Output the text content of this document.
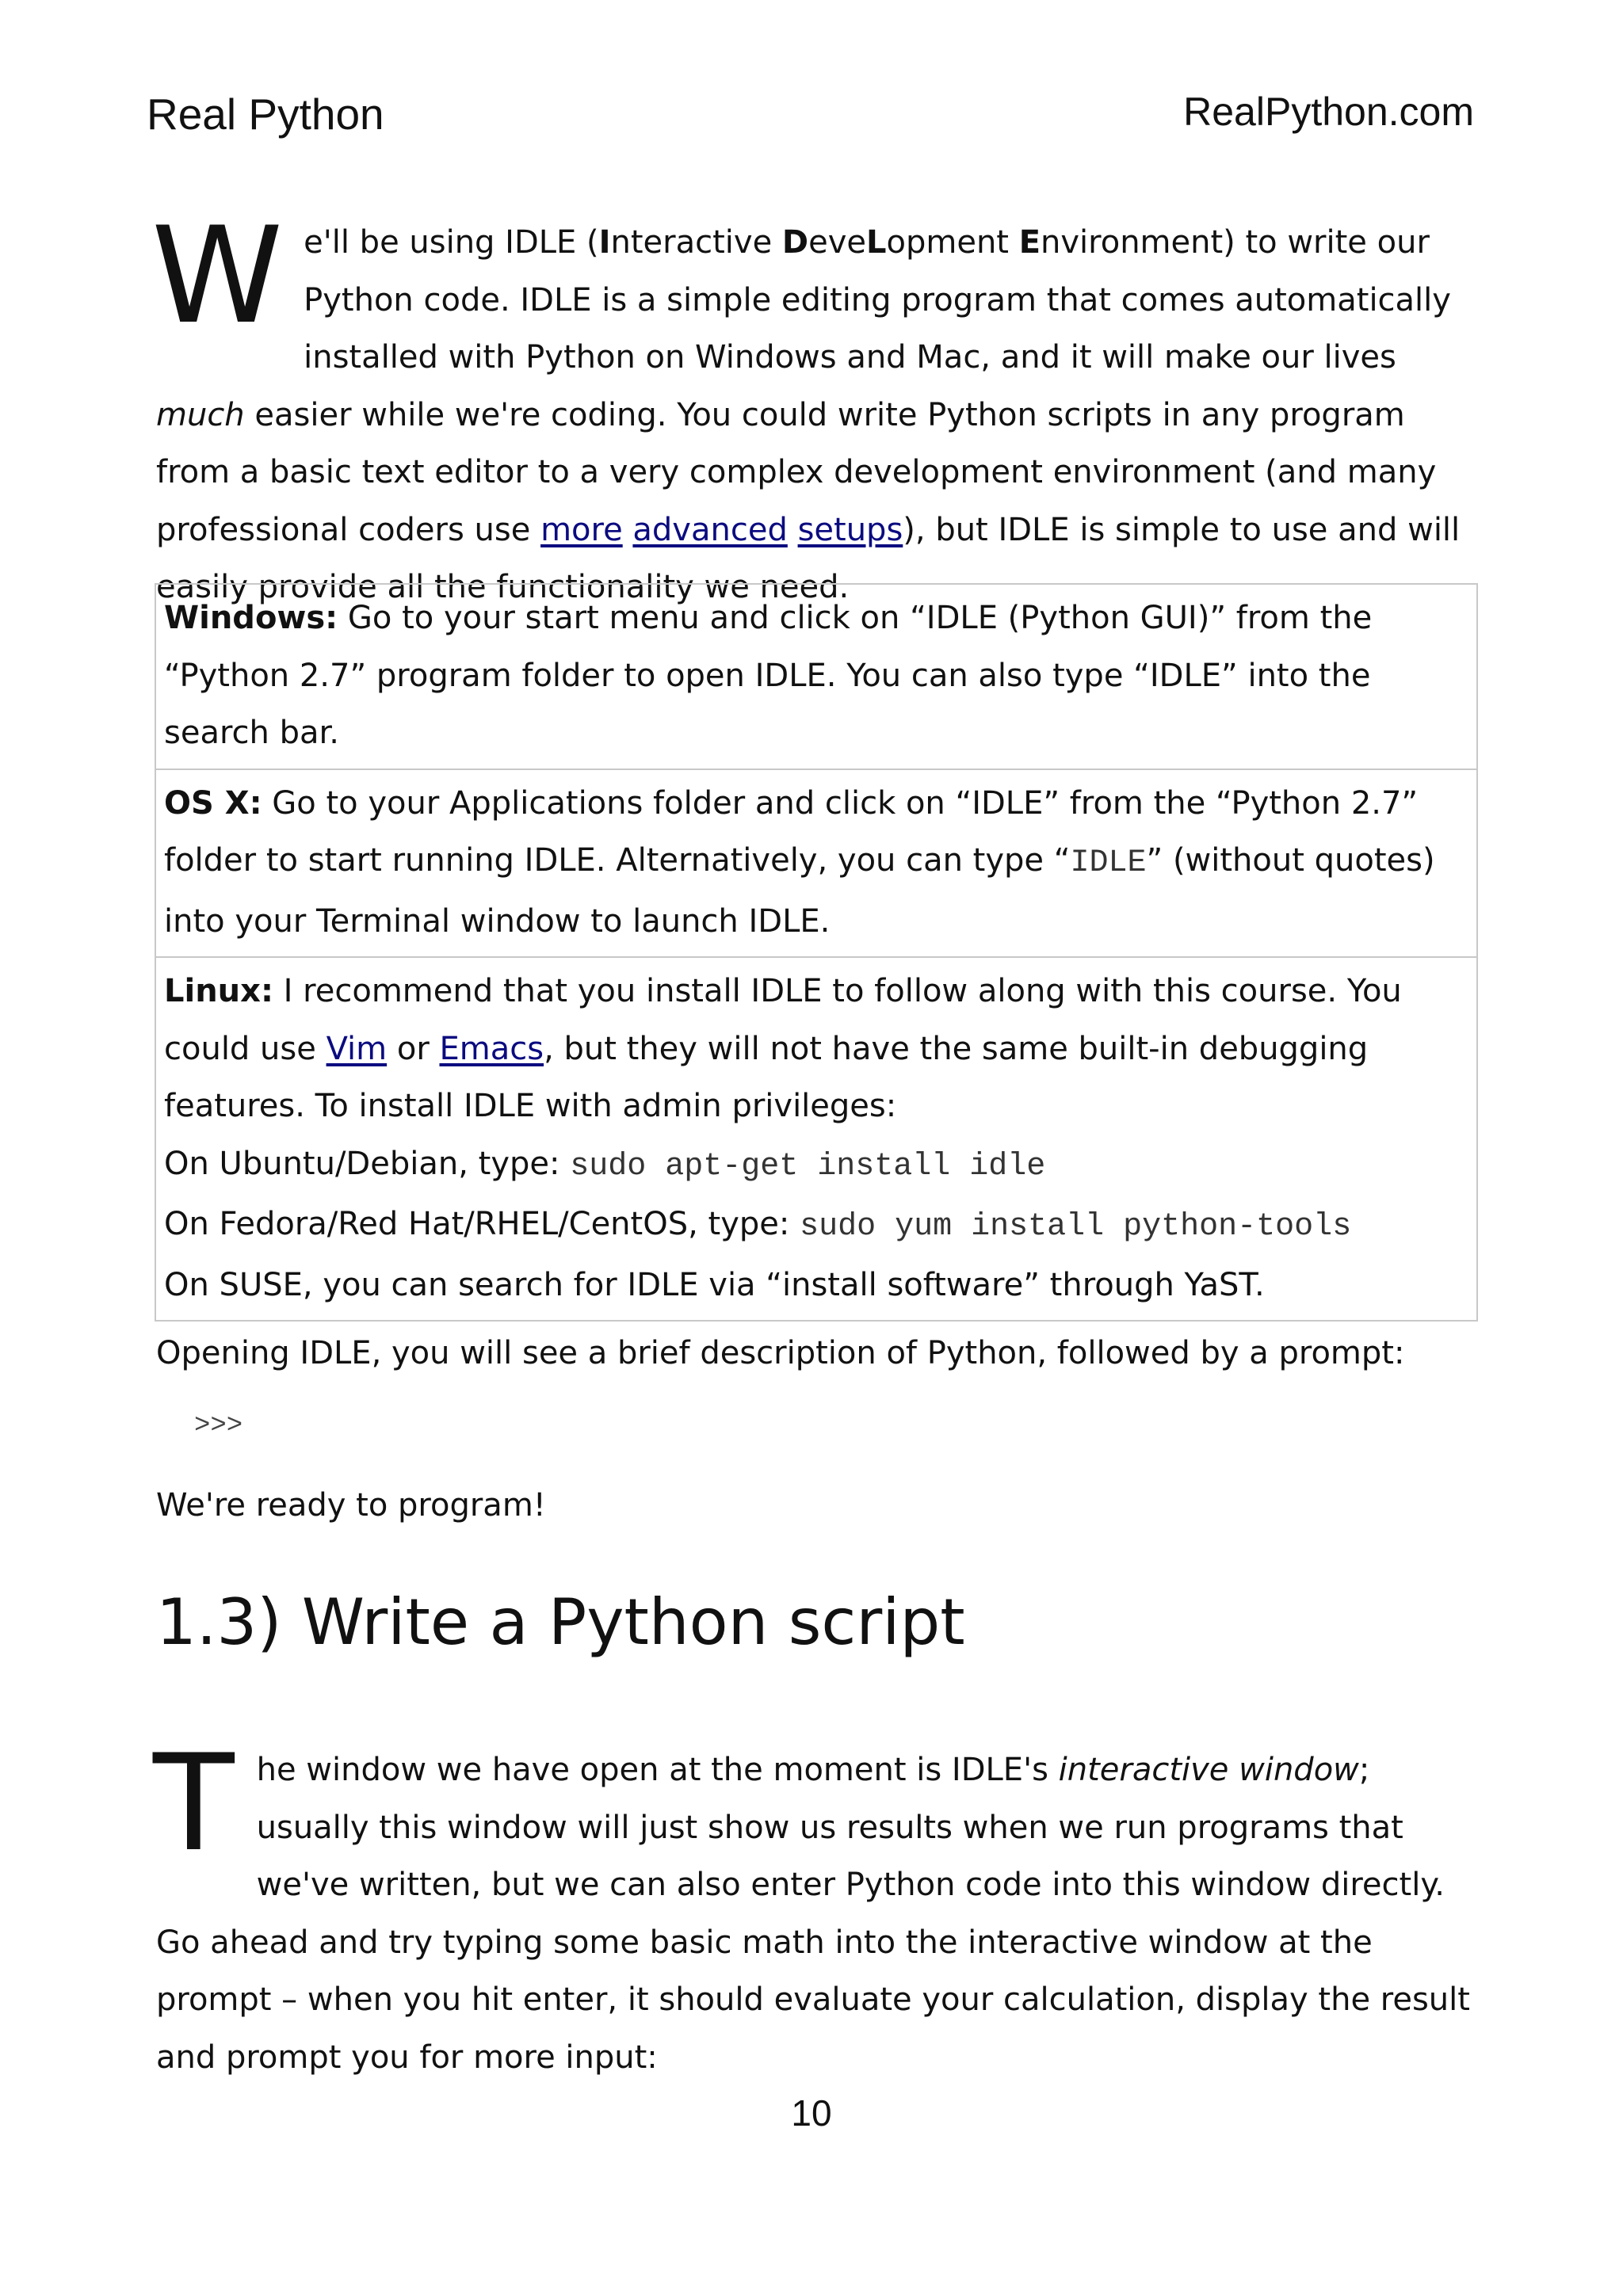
Real Python	RealPython.com

We'll be using IDLE (Interactive DeveLopment Environment) to write our Python code. IDLE is a simple editing program that comes automatically installed with Python on Windows and Mac, and it will make our lives much easier while we're coding. You could write Python scripts in any program from a basic text editor to a very complex development environment (and many professional coders use more advanced setups), but IDLE is simple to use and will easily provide all the functionality we need.

Windows: Go to your start menu and click on “IDLE (Python GUI)” from the “Python 2.7” program folder to open IDLE. You can also type “IDLE” into the search bar.
OS X: Go to your Applications folder and click on “IDLE” from the “Python 2.7” folder to start running IDLE. Alternatively, you can type “IDLE” (without quotes) into your Terminal window to launch IDLE.
Linux: I recommend that you install IDLE to follow along with this course. You could use Vim or Emacs, but they will not have the same built-in debugging features. To install IDLE with admin privileges:
On Ubuntu/Debian, type: sudo apt-get install idle
On Fedora/Red Hat/RHEL/CentOS, type: sudo yum install python-tools
On SUSE, you can search for IDLE via “install software” through YaST.

Opening IDLE, you will see a brief description of Python, followed by a prompt:

>>>

We're ready to program!

1.3) Write a Python script

The window we have open at the moment is IDLE's interactive window; usually this window will just show us results when we run programs that we've written, but we can also enter Python code into this window directly. Go ahead and try typing some basic math into the interactive window at the prompt – when you hit enter, it should evaluate your calculation, display the result and prompt you for more input:

10
